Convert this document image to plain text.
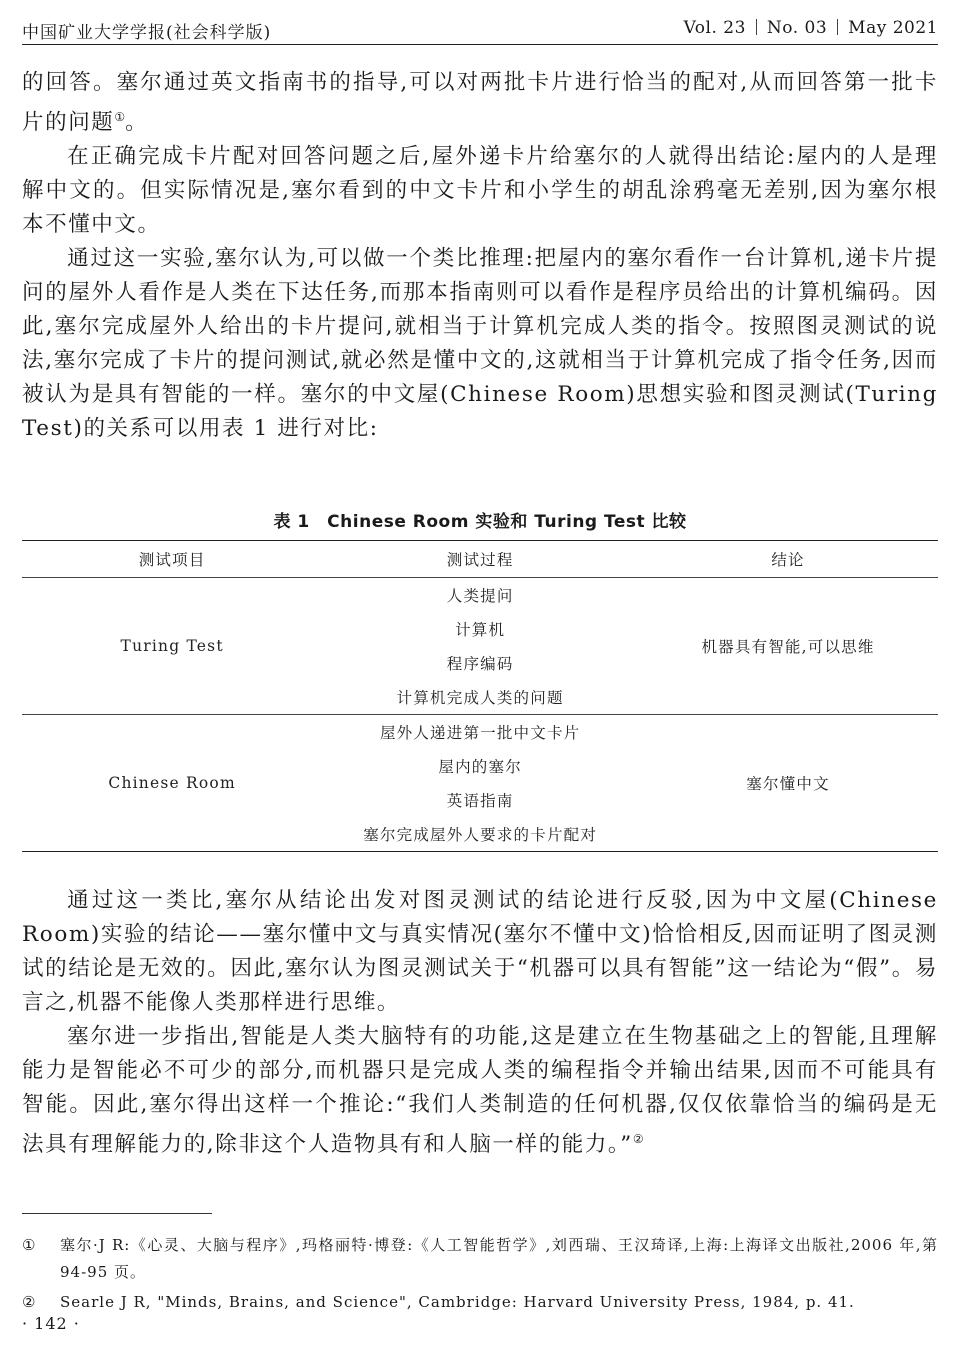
中国矿业大学学报(社会科学版)	Vol. 23 No. 03 May 2021

的回答。塞尔通过英文指南书的指导,可以对两批卡片进行恰当的配对,从而回答第一批卡片的问题①。

在正确完成卡片配对回答问题之后,屋外递卡片给塞尔的人就得出结论:屋内的人是理解中文的。但实际情况是,塞尔看到的中文卡片和小学生的胡乱涂鸦毫无差别,因为塞尔根本不懂中文。

通过这一实验,塞尔认为,可以做一个类比推理:把屋内的塞尔看作一台计算机,递卡片提问的屋外人看作是人类在下达任务,而那本指南则可以看作是程序员给出的计算机编码。因此,塞尔完成屋外人给出的卡片提问,就相当于计算机完成人类的指令。按照图灵测试的说法,塞尔完成了卡片的提问测试,就必然是懂中文的,这就相当于计算机完成了指令任务,因而被认为是具有智能的一样。塞尔的中文屋(Chinese Room)思想实验和图灵测试(Turing Test)的关系可以用表 1 进行对比:

表 1　Chinese Room 实验和 Turing Test 比较
测试项目	测试过程	结论
Turing Test	人类提问	机器具有智能,可以思维
	计算机	
	程序编码	
	计算机完成人类的问题	
Chinese Room	屋外人递进第一批中文卡片	塞尔懂中文
	屋内的塞尔	
	英语指南	
	塞尔完成屋外人要求的卡片配对	

通过这一类比,塞尔从结论出发对图灵测试的结论进行反驳,因为中文屋(Chinese Room)实验的结论——塞尔懂中文与真实情况(塞尔不懂中文)恰恰相反,因而证明了图灵测试的结论是无效的。因此,塞尔认为图灵测试关于“机器可以具有智能”这一结论为“假”。易言之,机器不能像人类那样进行思维。

塞尔进一步指出,智能是人类大脑特有的功能,这是建立在生物基础之上的智能,且理解能力是智能必不可少的部分,而机器只是完成人类的编程指令并输出结果,因而不可能具有智能。因此,塞尔得出这样一个推论:“我们人类制造的任何机器,仅仅依靠恰当的编码是无法具有理解能力的,除非这个人造物具有和人脑一样的能力。”②

① 塞尔·J R:《心灵、大脑与程序》,玛格丽特·博登:《人工智能哲学》,刘西瑞、王汉琦译,上海:上海译文出版社,2006 年,第 94-95 页。
② Searle J R, "Minds, Brains, and Science", Cambridge: Harvard University Press, 1984, p. 41.
· 142 ·
